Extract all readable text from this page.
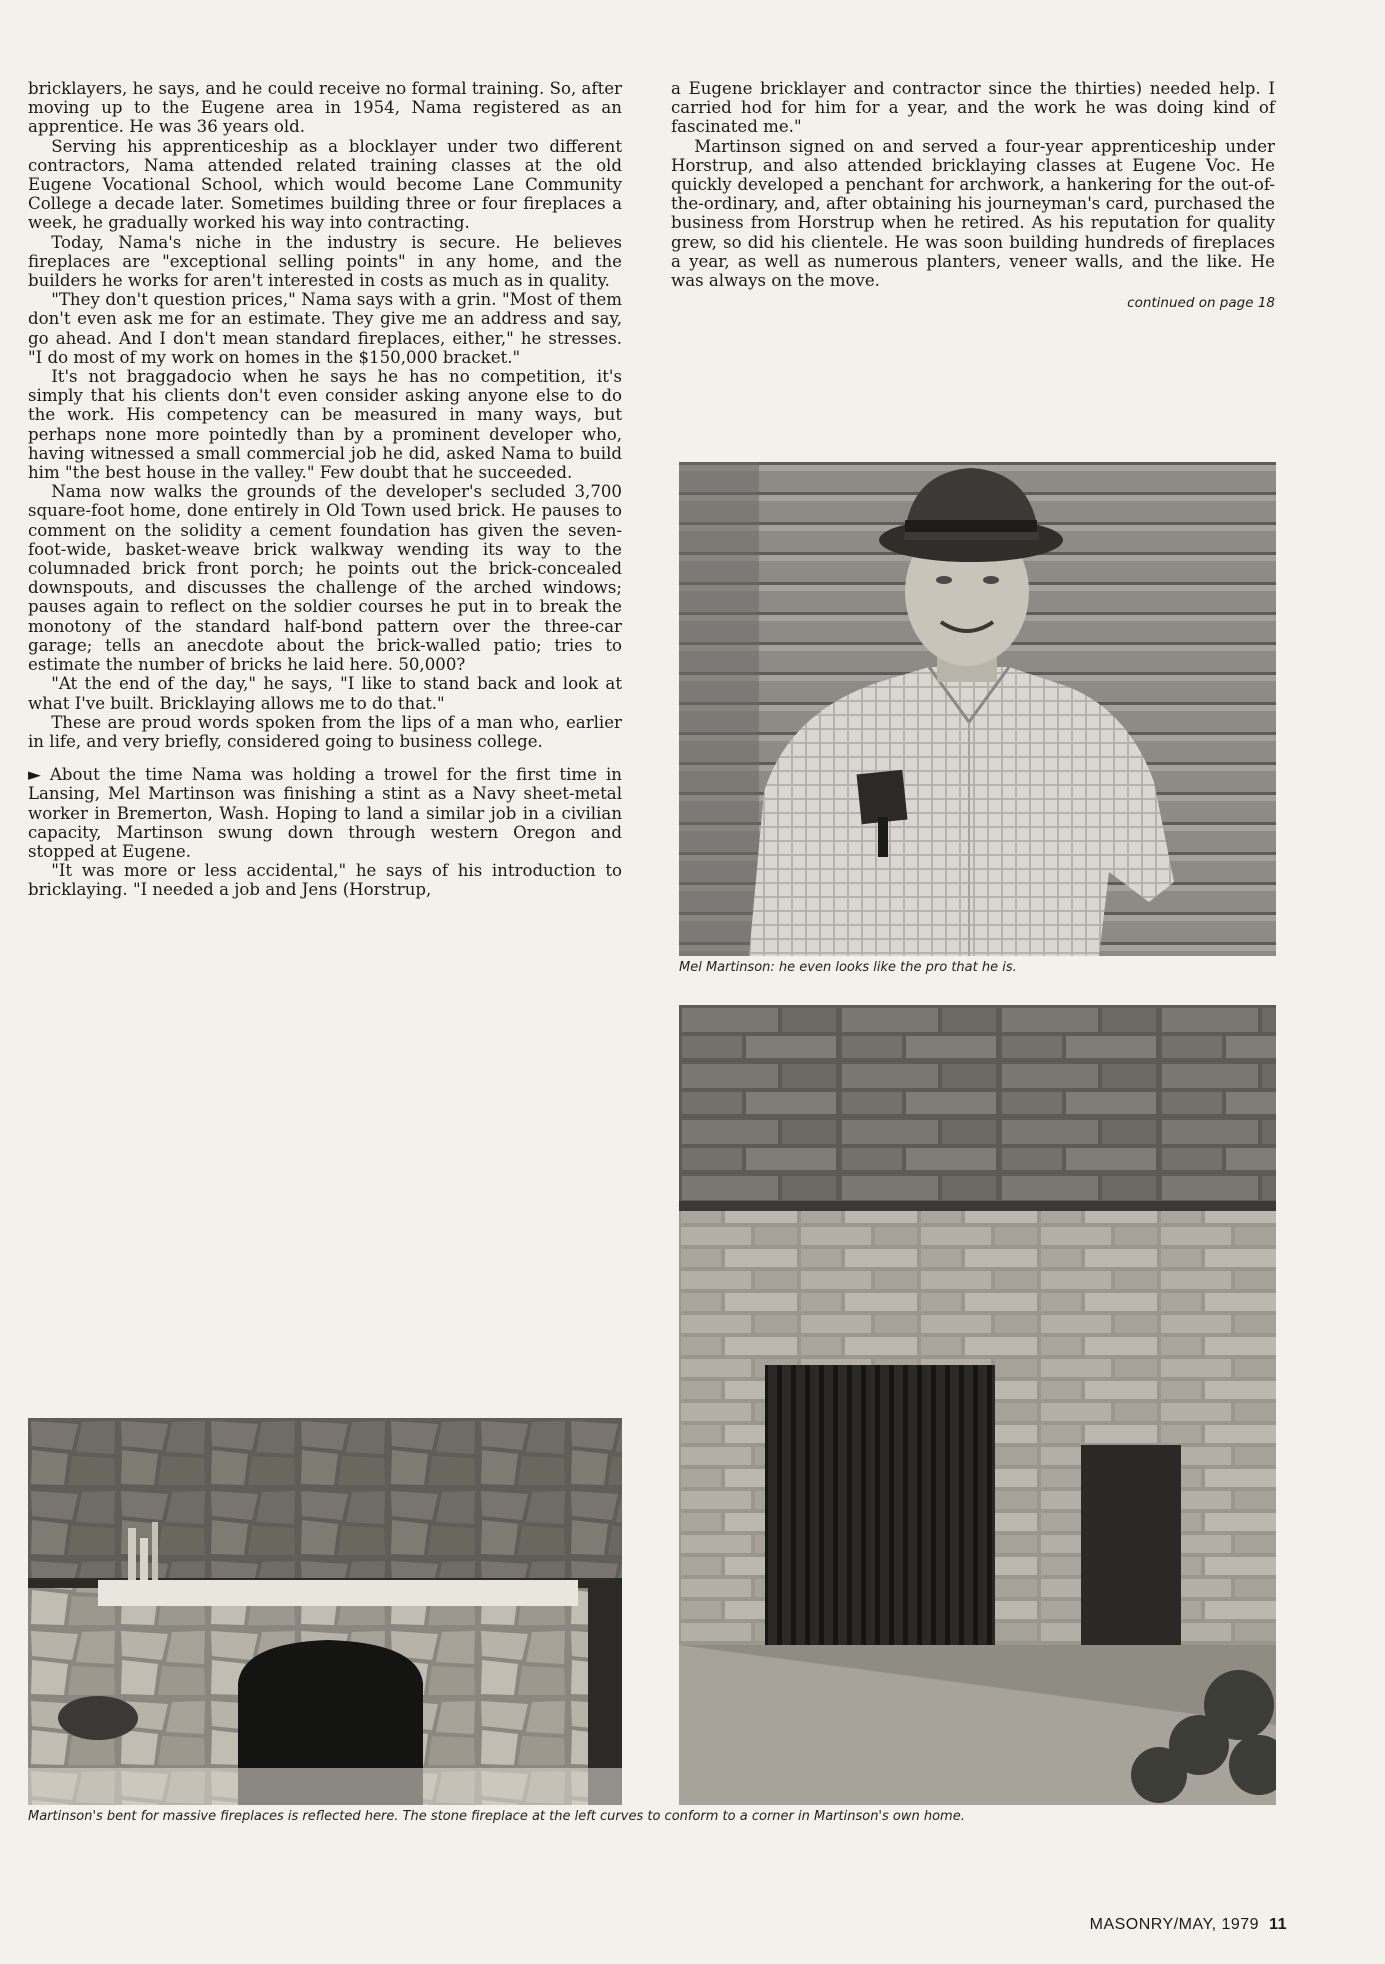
bricklayers, he says, and he could receive no formal training. So, after moving up to the Eugene area in 1954, Nama registered as an apprentice. He was 36 years old.

Serving his apprenticeship as a blocklayer under two different contractors, Nama attended related training classes at the old Eugene Vocational School, which would become Lane Community College a decade later. Sometimes building three or four fireplaces a week, he gradually worked his way into contracting.

Today, Nama's niche in the industry is secure. He believes fireplaces are "exceptional selling points" in any home, and the builders he works for aren't interested in costs as much as in quality.

"They don't question prices," Nama says with a grin. "Most of them don't even ask me for an estimate. They give me an address and say, go ahead. And I don't mean standard fireplaces, either," he stresses. "I do most of my work on homes in the $150,000 bracket."

It's not braggadocio when he says he has no competition, it's simply that his clients don't even consider asking anyone else to do the work. His competency can be measured in many ways, but perhaps none more pointedly than by a prominent developer who, having witnessed a small commercial job he did, asked Nama to build him "the best house in the valley." Few doubt that he succeeded.

Nama now walks the grounds of the developer's secluded 3,700 square-foot home, done entirely in Old Town used brick. He pauses to comment on the solidity a cement foundation has given the seven-foot-wide, basket-weave brick walkway wending its way to the columnaded brick front porch; he points out the brick-concealed downspouts, and discusses the challenge of the arched windows; pauses again to reflect on the soldier courses he put in to break the monotony of the standard half-bond pattern over the three-car garage; tells an anecdote about the brick-walled patio; tries to estimate the number of bricks he laid here. 50,000?

"At the end of the day," he says, "I like to stand back and look at what I've built. Bricklaying allows me to do that."

These are proud words spoken from the lips of a man who, earlier in life, and very briefly, considered going to business college.

► About the time Nama was holding a trowel for the first time in Lansing, Mel Martinson was finishing a stint as a Navy sheet-metal worker in Bremerton, Wash. Hoping to land a similar job in a civilian capacity, Martinson swung down through western Oregon and stopped at Eugene.

"It was more or less accidental," he says of his introduction to bricklaying. "I needed a job and Jens (Horstrup,

a Eugene bricklayer and contractor since the thirties) needed help. I carried hod for him for a year, and the work he was doing kind of fascinated me."

Martinson signed on and served a four-year apprenticeship under Horstrup, and also attended bricklaying classes at Eugene Voc. He quickly developed a penchant for archwork, a hankering for the out-of-the-ordinary, and, after obtaining his journeyman's card, purchased the business from Horstrup when he retired. As his reputation for quality grew, so did his clientele. He was soon building hundreds of fireplaces a year, as well as numerous planters, veneer walls, and the like. He was always on the move.

continued on page 18
Mel Martinson: he even looks like the pro that he is.
Martinson's bent for massive fireplaces is reflected here. The stone fireplace at the left curves to conform to a corner in Martinson's own home.
MASONRY/MAY, 1979 11
